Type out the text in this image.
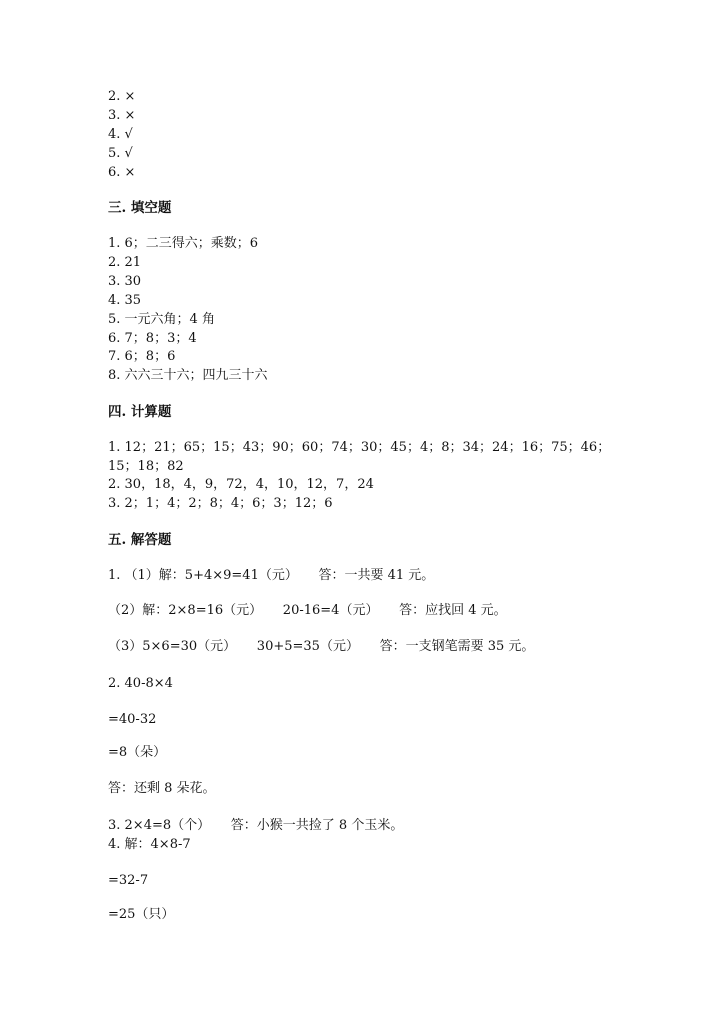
2. ×
3. ×
4. √
5. √
6. ×
三. 填空题
1. 6；二三得六；乘数；6
2. 21
3. 30
4. 35
5. 一元六角；4 角
6. 7；8；3；4
7. 6；8；6
8. 六六三十六；四九三十六
四. 计算题
1. 12；21；65；15；43；90；60；74；30；45；4；8；34；24；16；75；46；
15；18；82
2. 30，18，4，9，72，4，10，12，7，24
3. 2；1；4；2；8；4；6；3；12；6
五. 解答题
1. （1）解：5+4×9=41（元）     答：一共要 41 元。
（2）解：2×8=16（元）     20-16=4（元）     答：应找回 4 元。
（3）5×6=30（元）     30+5=35（元）     答：一支钢笔需要 35 元。
2. 40-8×4
=40-32
=8（朵）
答：还剩 8 朵花。
3. 2×4=8（个）     答：小猴一共捡了 8 个玉米。
4. 解：4×8-7
=32-7
=25（只）
